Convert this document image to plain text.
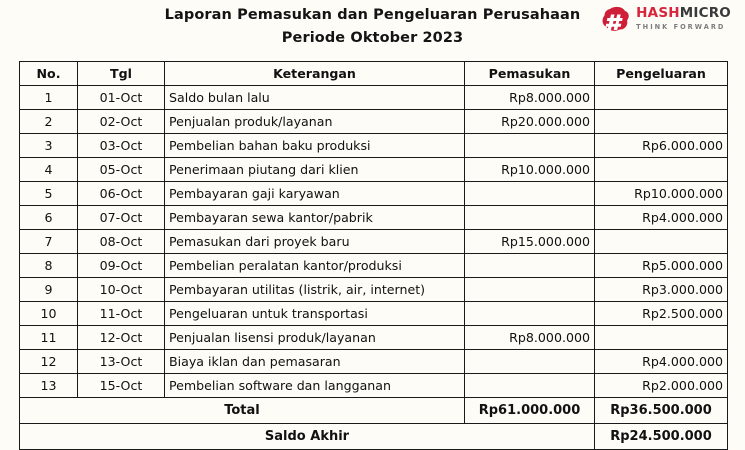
Laporan Pemasukan dan Pengeluaran Perusahaan
Periode Oktober 2023
HASHMICRO
THINK FORWARD
No.	Tgl	Keterangan	Pemasukan	Pengeluaran
1	01-Oct	Saldo bulan lalu	Rp8.000.000	
2	02-Oct	Penjualan produk/layanan	Rp20.000.000	
3	03-Oct	Pembelian bahan baku produksi		Rp6.000.000
4	05-Oct	Penerimaan piutang dari klien	Rp10.000.000	
5	06-Oct	Pembayaran gaji karyawan		Rp10.000.000
6	07-Oct	Pembayaran sewa kantor/pabrik		Rp4.000.000
7	08-Oct	Pemasukan dari proyek baru	Rp15.000.000	
8	09-Oct	Pembelian peralatan kantor/produksi		Rp5.000.000
9	10-Oct	Pembayaran utilitas (listrik, air, internet)		Rp3.000.000
10	11-Oct	Pengeluaran untuk transportasi		Rp2.500.000
11	12-Oct	Penjualan lisensi produk/layanan	Rp8.000.000	
12	13-Oct	Biaya iklan dan pemasaran		Rp4.000.000
13	15-Oct	Pembelian software dan langganan		Rp2.000.000
Total			Rp61.000.000	Rp36.500.000
Saldo Akhir				Rp24.500.000
